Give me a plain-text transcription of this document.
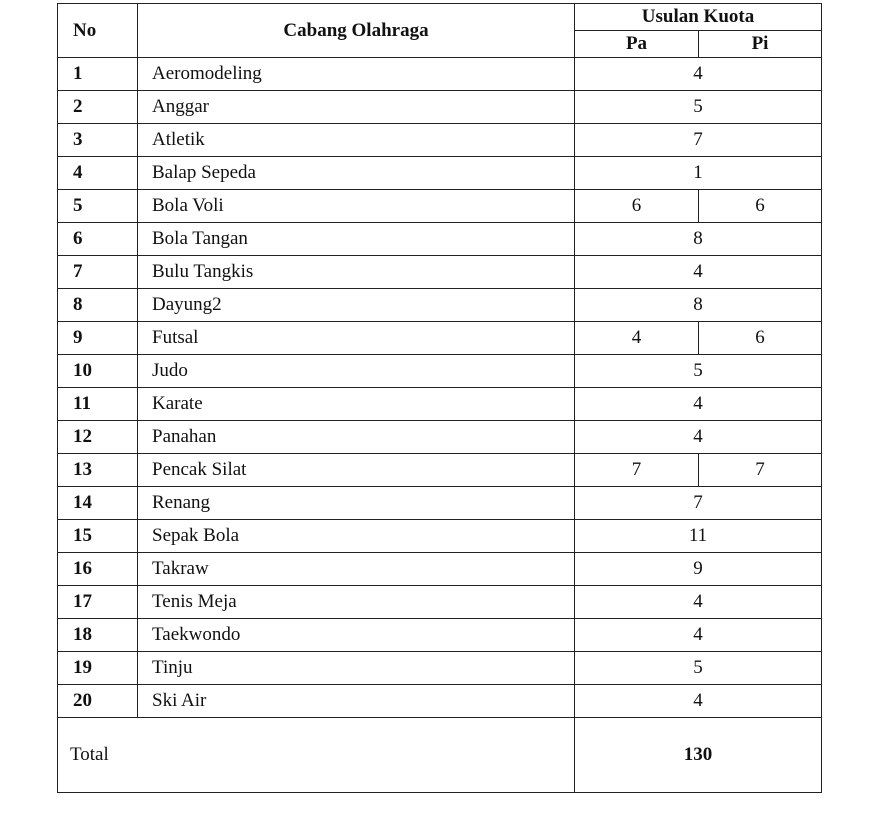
No	Cabang Olahraga	Usulan Kuota	
		Pa	Pi
1	Aeromodeling	4	
2	Anggar	5	
3	Atletik	7	
4	Balap Sepeda	1	
5	Bola Voli	6	6
6	Bola Tangan	8	
7	Bulu Tangkis	4	
8	Dayung2	8	
9	Futsal	4	6
10	Judo	5	
11	Karate	4	
12	Panahan	4	
13	Pencak Silat	7	7
14	Renang	7	
15	Sepak Bola	11	
16	Takraw	9	
17	Tenis Meja	4	
18	Taekwondo	4	
19	Tinju	5	
20	Ski Air	4	
Total		130	
